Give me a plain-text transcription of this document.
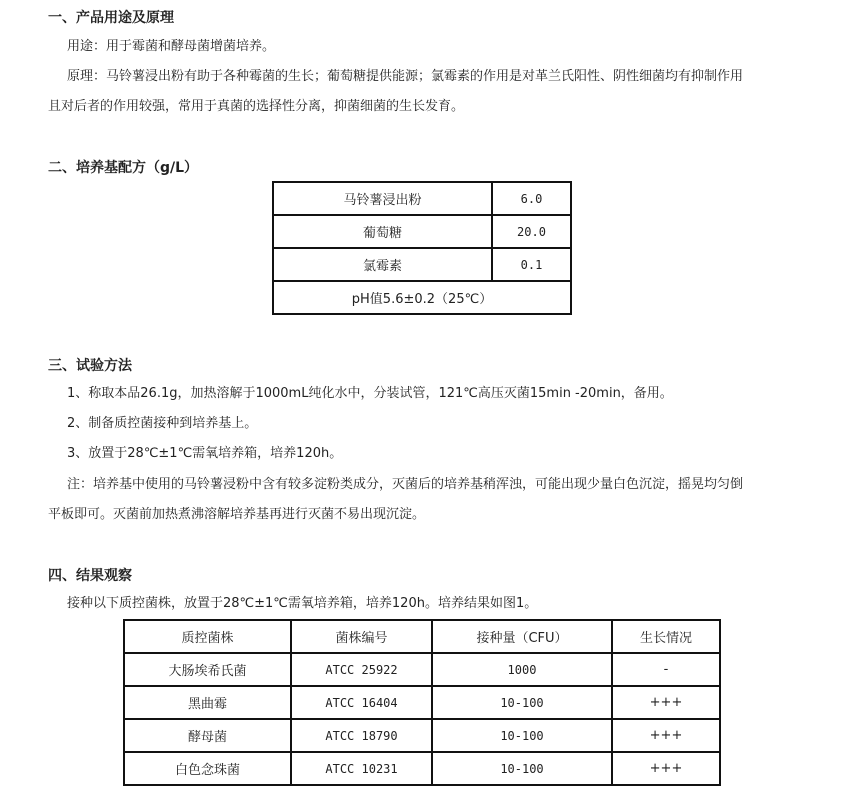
一、产品用途及原理
用途：用于霉菌和酵母菌增菌培养。
原理：马铃薯浸出粉有助于各种霉菌的生长；葡萄糖提供能源；氯霉素的作用是对革兰氏阳性、阴性细菌均有抑制作用
且对后者的作用较强，常用于真菌的选择性分离，抑菌细菌的生长发育。
二、培养基配方（g/L）
马铃薯浸出粉	6.0
葡萄糖	20.0
氯霉素	0.1
pH值5.6±0.2（25℃）	
三、试验方法
1、称取本品26.1g，加热溶解于1000mL纯化水中，分装试管，121℃高压灭菌15min -20min，备用。
2、制备质控菌接种到培养基上。
3、放置于28℃±1℃需氧培养箱，培养120h。
注：培养基中使用的马铃薯浸粉中含有较多淀粉类成分，灭菌后的培养基稍浑浊，可能出现少量白色沉淀，摇晃均匀倒
平板即可。灭菌前加热煮沸溶解培养基再进行灭菌不易出现沉淀。
四、结果观察
接种以下质控菌株，放置于28℃±1℃需氧培养箱，培养120h。培养结果如图1。
质控菌株	菌株编号	接种量（CFU）	生长情况
大肠埃希氏菌	ATCC 25922	1000	-
黑曲霉	ATCC 16404	10-100	+++
酵母菌	ATCC 18790	10-100	+++
白色念珠菌	ATCC 10231	10-100	+++
